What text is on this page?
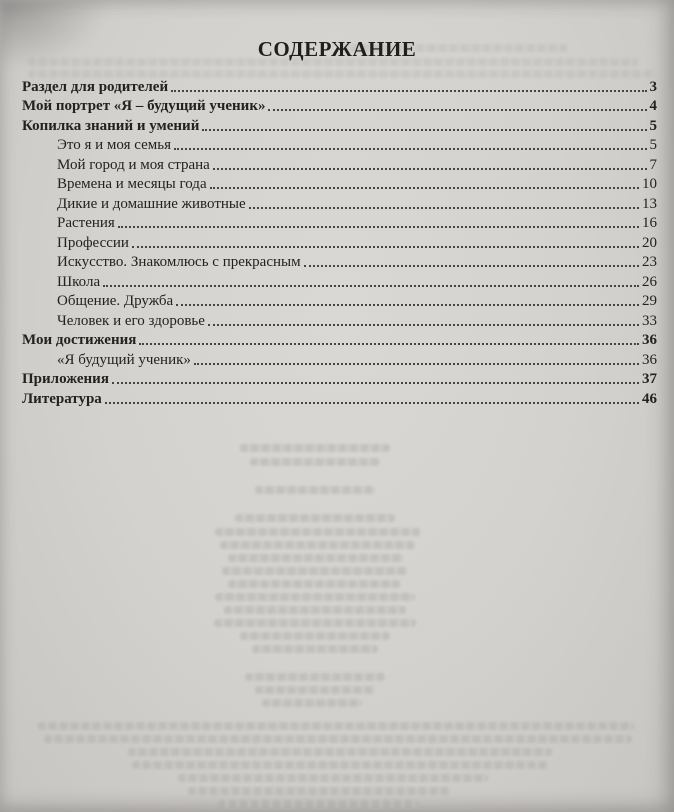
СОДЕРЖАНИЕ
Раздел для родителей	3
Мой портрет «Я – будущий ученик»	4
Копилка знаний и умений	5
Это я и моя семья	5
Мой город и моя страна	7
Времена и месяцы года	10
Дикие и домашние животные	13
Растения	16
Профессии	20
Искусство. Знакомлюсь с прекрасным	23
Школа	26
Общение. Дружба	29
Человек и его здоровье	33
Мои достижения	36
«Я будущий ученик»	36
Приложения	37
Литература	46
